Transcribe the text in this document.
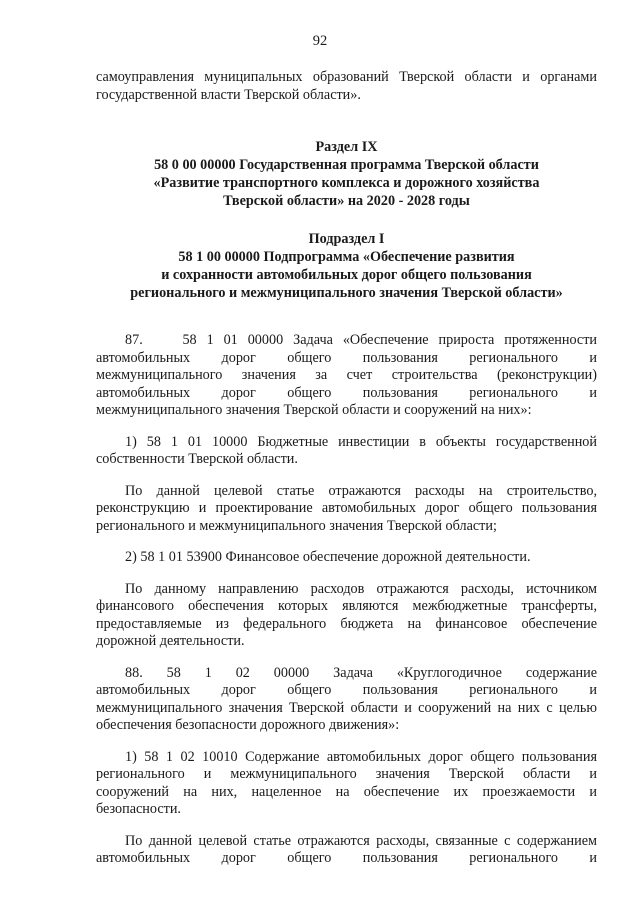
92

самоуправления муниципальных образований Тверской области и органами
государственной власти Тверской области».

Раздел IX
58 0 00 00000 Государственная программа Тверской области
«Развитие транспортного комплекса и дорожного хозяйства
Тверской области» на 2020 - 2028 годы
Подраздел I
58 1 00 00000 Подпрограмма «Обеспечение развития
и сохранности автомобильных дорог общего пользования
регионального и межмуниципального значения Тверской области»

87.    58 1 01 00000 Задача «Обеспечение прироста протяженности

автомобильных дорог общего пользования регионального и
межмуниципального значения за счет строительства (реконструкции)
автомобильных дорог общего пользования регионального и
межмуниципального значения Тверской области и сооружений на них»:

1) 58 1 01 10000 Бюджетные инвестиции в объекты государственной
собственности Тверской области.

По данной целевой статье отражаются расходы на строительство,
реконструкцию и проектирование автомобильных дорог общего пользования
регионального и межмуниципального значения Тверской области;

2) 58 1 01 53900 Финансовое обеспечение дорожной деятельности.

По данному направлению расходов отражаются расходы, источником
финансового обеспечения которых являются межбюджетные трансферты,
предоставляемые из федерального бюджета на финансовое обеспечение
дорожной деятельности.

88.    58    1    02    00000    Задача    «Круглогодичное    содержание
автомобильных дорог общего пользования регионального и
межмуниципального значения Тверской области и сооружений на них с целью
обеспечения безопасности дорожного движения»:

1) 58 1 02 10010 Содержание автомобильных дорог общего пользования
регионального и межмуниципального значения Тверской области и
сооружений на них, нацеленное на обеспечение их проезжаемости и
безопасности.

По данной целевой статье отражаются расходы, связанные с содержанием
автомобильных дорог общего пользования регионального и
